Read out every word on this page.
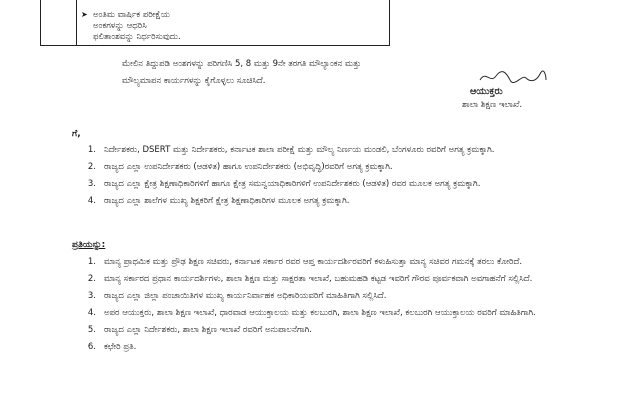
➤ ಅಂತಿಮ ವಾರ್ಷಿಕ ಪರೀಕ್ಷೆಯ
ಅಂಕಗಳನ್ನು ಆಧರಿಸಿ
ಫಲಿತಾಂಶವನ್ನು ನಿರ್ಧರಿಸುವುದು.
ಮೇಲಿನ ತಿದ್ದುಪಡಿ ಅಂಶಗಳನ್ನು ಪರಿಗಣಿಸಿ 5, 8 ಮತ್ತು 9ನೇ ತರಗತಿ ಮೌಲ್ಯಾಂಕನ ಮತ್ತು
ಮೌಲ್ಯಮಾಪನ ಕಾರ್ಯಗಳನ್ನು ಕೈಗೊಳ್ಳಲು ಸೂಚಿಸಿದೆ.
ಆಯುಕ್ತರು
ಶಾಲಾ ಶಿಕ್ಷಣ ಇಲಾಖೆ.
ಗೆ,
1. ನಿರ್ದೇಶಕರು, DSERT ಮತ್ತು ನಿರ್ದೇಶಕರು, ಕರ್ನಾಟಕ ಶಾಲಾ ಪರೀಕ್ಷೆ ಮತ್ತು ಮೌಲ್ಯ ನಿರ್ಣಯ ಮಂಡಲಿ, ಬೆಂಗಳೂರು ರವರಿಗೆ ಅಗತ್ಯ ಕ್ರಮಕ್ಕಾಗಿ.
2. ರಾಜ್ಯದ ಎಲ್ಲಾ ಉಪನಿರ್ದೇಶಕರು (ಆಡಳಿತ) ಹಾಗೂ ಉಪನಿರ್ದೇಶಕರು (ಅಭಿವೃದ್ಧಿ)ರವರಿಗೆ ಅಗತ್ಯ ಕ್ರಮಕ್ಕಾಗಿ.
3. ರಾಜ್ಯದ ಎಲ್ಲಾ ಕ್ಷೇತ್ರ ಶಿಕ್ಷಣಾಧಿಕಾರಿಗಳಿಗೆ ಹಾಗೂ ಕ್ಷೇತ್ರ ಸಮನ್ವಯಾಧಿಕಾರಿಗಳಿಗೆ ಉಪನಿರ್ದೇಶಕರು (ಆಡಳಿತ) ರವರ ಮೂಲಕ ಅಗತ್ಯ ಕ್ರಮಕ್ಕಾಗಿ.
4. ರಾಜ್ಯದ ಎಲ್ಲಾ ಶಾಲೆಗಳ ಮುಖ್ಯ ಶಿಕ್ಷಕರಿಗೆ ಕ್ಷೇತ್ರ ಶಿಕ್ಷಣಾಧಿಕಾರಿಗಳ ಮೂಲಕ ಅಗತ್ಯ ಕ್ರಮಕ್ಕಾಗಿ.
ಪ್ರತಿಯನ್ನು:
1. ಮಾನ್ಯ ಪ್ರಾಥಮಿಕ ಮತ್ತು ಪ್ರೌಢ ಶಿಕ್ಷಣ ಸಚಿವರು, ಕರ್ನಾಟಕ ಸರ್ಕಾರ ರವರ ಆಪ್ತ ಕಾರ್ಯದರ್ಶಿರವರಿಗೆ ಕಳುಹಿಸುತ್ತಾ ಮಾನ್ಯ ಸಚಿವರ ಗಮನಕ್ಕೆ ತರಲು ಕೋರಿದೆ.
2. ಮಾನ್ಯ ಸರ್ಕಾರದ ಪ್ರಧಾನ ಕಾರ್ಯದರ್ಶಿಗಳು, ಶಾಲಾ ಶಿಕ್ಷಣ ಮತ್ತು ಸಾಕ್ಷರತಾ ಇಲಾಖೆ, ಬಹುಮಹಡಿ ಕಟ್ಟಡ ಇವರಿಗೆ ಗೌರವ ಪೂರ್ವಕವಾಗಿ ಅವಗಾಹನೆಗೆ ಸಲ್ಲಿಸಿದೆ.
3. ರಾಜ್ಯದ ಎಲ್ಲಾ ಜಿಲ್ಲಾ ಪಂಚಾಯಿತಿಗಳ ಮುಖ್ಯ ಕಾರ್ಯನಿರ್ವಾಹಕ ಅಧಿಕಾರಿಯವರಿಗೆ ಮಾಹಿತಿಗಾಗಿ ಸಲ್ಲಿಸಿದೆ.
4. ಅಪರ ಆಯುಕ್ತರು, ಶಾಲಾ ಶಿಕ್ಷಣ ಇಲಾಖೆ, ಧಾರವಾಡ ಆಯುಕ್ತಾಲಯ ಮತ್ತು ಕಲಬುರಗಿ, ಶಾಲಾ ಶಿಕ್ಷಣ ಇಲಾಖೆ, ಕಲಬುರಗಿ ಆಯುಕ್ತಾಲಯ ರವರಿಗೆ ಮಾಹಿತಿಗಾಗಿ.
5. ರಾಜ್ಯದ ಎಲ್ಲಾ ನಿರ್ದೇಶಕರು, ಶಾಲಾ ಶಿಕ್ಷಣ ಇಲಾಖೆ ರವರಿಗೆ ಅನುಪಾಲನೆಗಾಗಿ.
6. ಕಛೇರಿ ಪ್ರತಿ.
